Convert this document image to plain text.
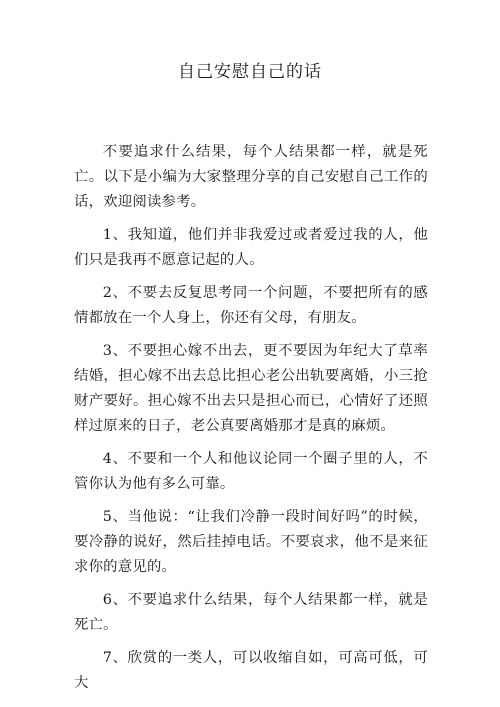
自己安慰自己的话

不要追求什么结果，每个人结果都一样，就是死亡。以下是小编为大家整理分享的自己安慰自己工作的话，欢迎阅读参考。

1、我知道，他们并非我爱过或者爱过我的人，他们只是我再不愿意记起的人。

2、不要去反复思考同一个问题，不要把所有的感情都放在一个人身上，你还有父母，有朋友。

3、不要担心嫁不出去，更不要因为年纪大了草率结婚，担心嫁不出去总比担心老公出轨要离婚，小三抢财产要好。担心嫁不出去只是担心而已，心情好了还照样过原来的日子，老公真要离婚那才是真的麻烦。

4、不要和一个人和他议论同一个圈子里的人，不管你认为他有多么可靠。

5、当他说：“让我们冷静一段时间好吗”的时候，要冷静的说好，然后挂掉电话。不要哀求，他不是来征求你的意见的。

6、不要追求什么结果，每个人结果都一样，就是死亡。

7、欣赏的一类人，可以收缩自如，可高可低，可大
